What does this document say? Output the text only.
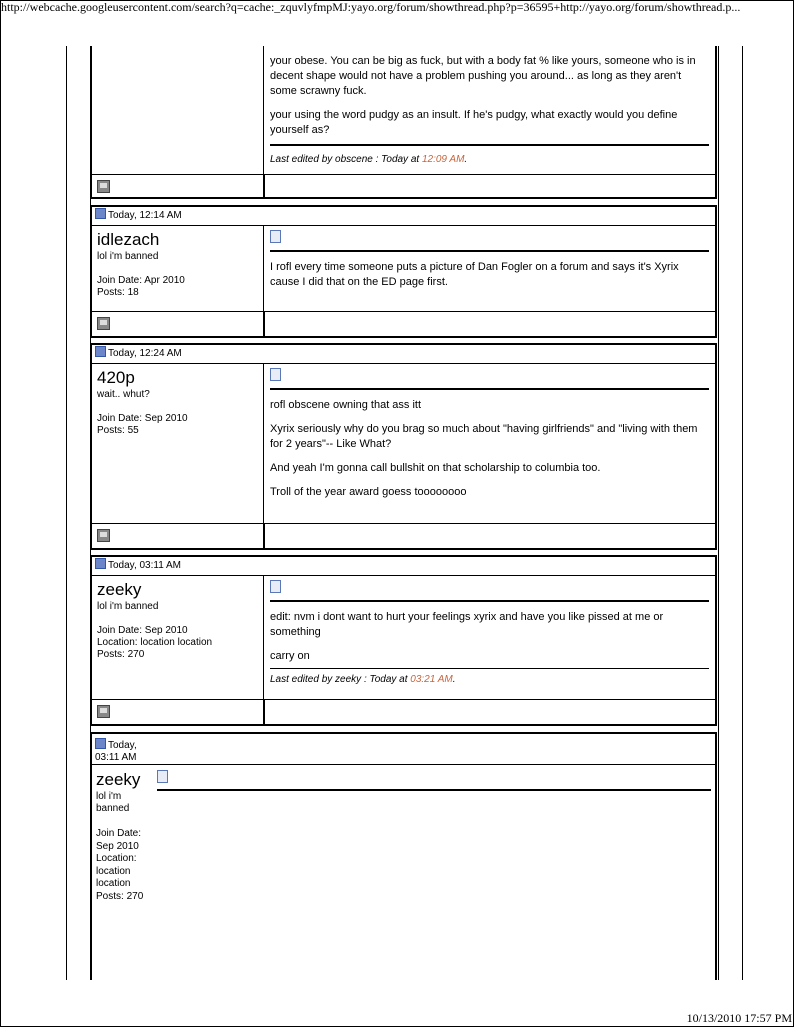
http://webcache.googleusercontent.com/search?q=cache:_zquvlyfmpMJ:yayo.org/forum/showthread.php?p=36595+http://yayo.org/forum/showthread.p...

your obese. You can be big as fuck, but with a body fat % like yours, someone who is in decent shape would not have a problem pushing you around... as long as they aren't some scrawny fuck.

your using the word pudgy as an insult. If he's pudgy, what exactly would you define yourself as?

Last edited by obscene : Today at 12:09 AM.
Today, 12:14 AM
idlezach
lol i'm banned
Join Date: Apr 2010
Posts: 18

I rofl every time someone puts a picture of Dan Fogler on a forum and says it's Xyrix cause I did that on the ED page first.

Today, 12:24 AM
420p
wait.. whut?
Join Date: Sep 2010
Posts: 55

rofl obscene owning that ass itt

Xyrix seriously why do you brag so much about "having girlfriends" and "living with them for 2 years"-- Like What?

And yeah I'm gonna call bullshit on that scholarship to columbia too.

Troll of the year award goess toooooooo

Today, 03:11 AM
zeeky
lol i'm banned
Join Date: Sep 2010
Location: location location
Posts: 270

edit: nvm i dont want to hurt your feelings xyrix and have you like pissed at me or something

carry on

Last edited by zeeky : Today at 03:21 AM.
Today,
03:11 AM
zeeky
lol i'm
banned
Join Date:
Sep 2010
Location:
location
location
Posts: 270
10/13/2010 17:57 PM
